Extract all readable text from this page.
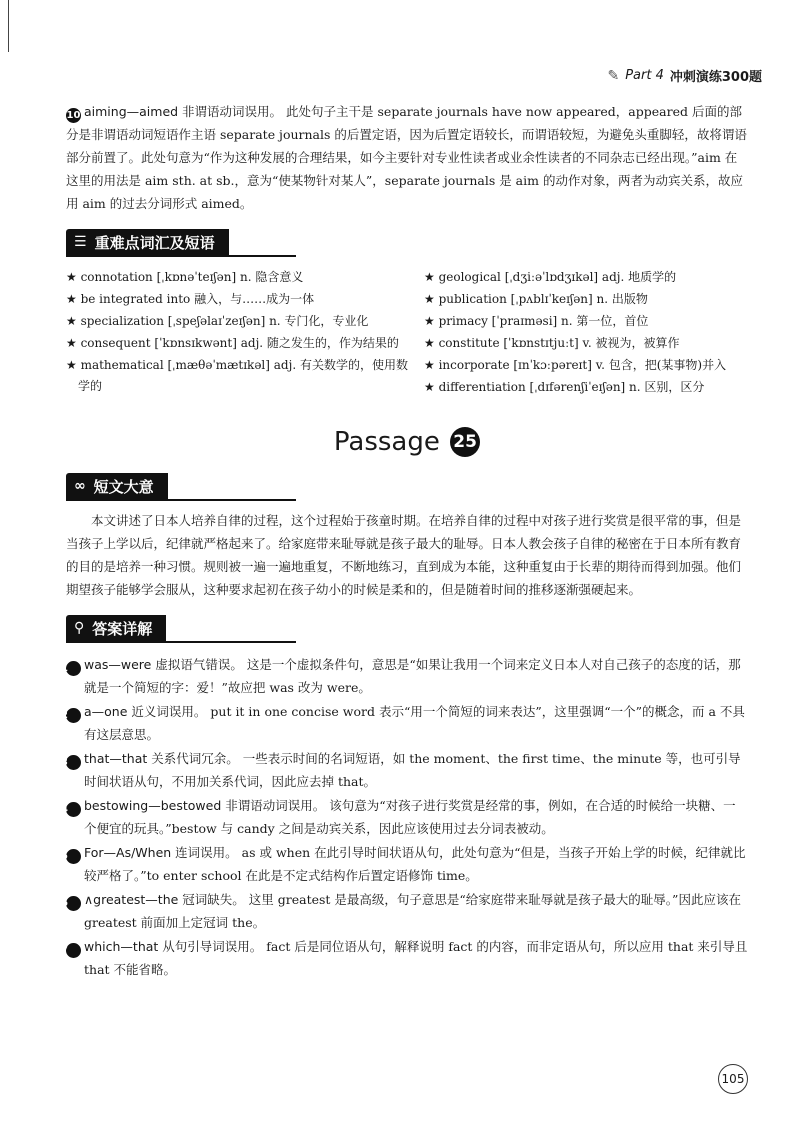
✎ Part 4 冲刺演练300题

10 aiming—aimed 非谓语动词误用。 此处句子主干是 separate journals have now appeared，appeared 后面的部分是非谓语动词短语作主语 separate journals 的后置定语，因为后置定语较长，而谓语较短，为避免头重脚轻，故将谓语部分前置了。此处句意为“作为这种发展的合理结果，如今主要针对专业性读者或业余性读者的不同杂志已经出现。”aim 在这里的用法是 aim sth. at sb.，意为“使某物针对某人”，separate journals 是 aim 的动作对象，两者为动宾关系，故应用 aim 的过去分词形式 aimed。

☰ 重难点词汇及短语
★ connotation [ˌkɒnəˈteɪʃən] n. 隐含意义
★ be integrated into 融入，与……成为一体
★ specialization [ˌspeʃəlaɪˈzeɪʃən] n. 专门化，专业化
★ consequent [ˈkɒnsɪkwənt] adj. 随之发生的，作为结果的
★ mathematical [ˌmæθəˈmætɪkəl] adj. 有关数学的，使用数学的
★ geological [ˌdʒiːəˈlɒdʒɪkəl] adj. 地质学的
★ publication [ˌpʌblɪˈkeɪʃən] n. 出版物
★ primacy [ˈpraɪməsi] n. 第一位，首位
★ constitute [ˈkɒnstɪtjuːt] v. 被视为，被算作
★ incorporate [ɪnˈkɔːpəreɪt] v. 包含，把(某事物)并入
★ differentiation [ˌdɪfərenʃiˈeɪʃən] n. 区别，区分
Passage 25
∞ 短文大意

本文讲述了日本人培养自律的过程，这个过程始于孩童时期。在培养自律的过程中对孩子进行奖赏是很平常的事，但是当孩子上学以后，纪律就严格起来了。给家庭带来耻辱就是孩子最大的耻辱。日本人教会孩子自律的秘密在于日本所有教育的目的是培养一种习惯。规则被一遍一遍地重复，不断地练习，直到成为本能，这种重复由于长辈的期待而得到加强。他们期望孩子能够学会服从，这种要求起初在孩子幼小的时候是柔和的，但是随着时间的推移逐渐强硬起来。

⚲ 答案详解

1 was—were 虚拟语气错误。 这是一个虚拟条件句，意思是“如果让我用一个词来定义日本人对自己孩子的态度的话，那就是一个简短的字：爱！”故应把 was 改为 were。

2 a—one 近义词误用。 put it in one concise word 表示“用一个简短的词来表达”，这里强调“一个”的概念，而 a 不具有这层意思。

3 that—that 关系代词冗余。 一些表示时间的名词短语，如 the moment、the first time、the minute 等，也可引导时间状语从句，不用加关系代词，因此应去掉 that。

4 bestowing—bestowed 非谓语动词误用。 该句意为“对孩子进行奖赏是经常的事，例如，在合适的时候给一块糖、一个便宜的玩具。”bestow 与 candy 之间是动宾关系，因此应该使用过去分词表被动。

5 For—As/When 连词误用。 as 或 when 在此引导时间状语从句，此处句意为“但是，当孩子开始上学的时候，纪律就比较严格了。”to enter school 在此是不定式结构作后置定语修饰 time。

6 ∧greatest—the 冠词缺失。 这里 greatest 是最高级，句子意思是“给家庭带来耻辱就是孩子最大的耻辱。”因此应该在 greatest 前面加上定冠词 the。

7 which—that 从句引导词误用。 fact 后是同位语从句，解释说明 fact 的内容，而非定语从句，所以应用 that 来引导且 that 不能省略。

105
